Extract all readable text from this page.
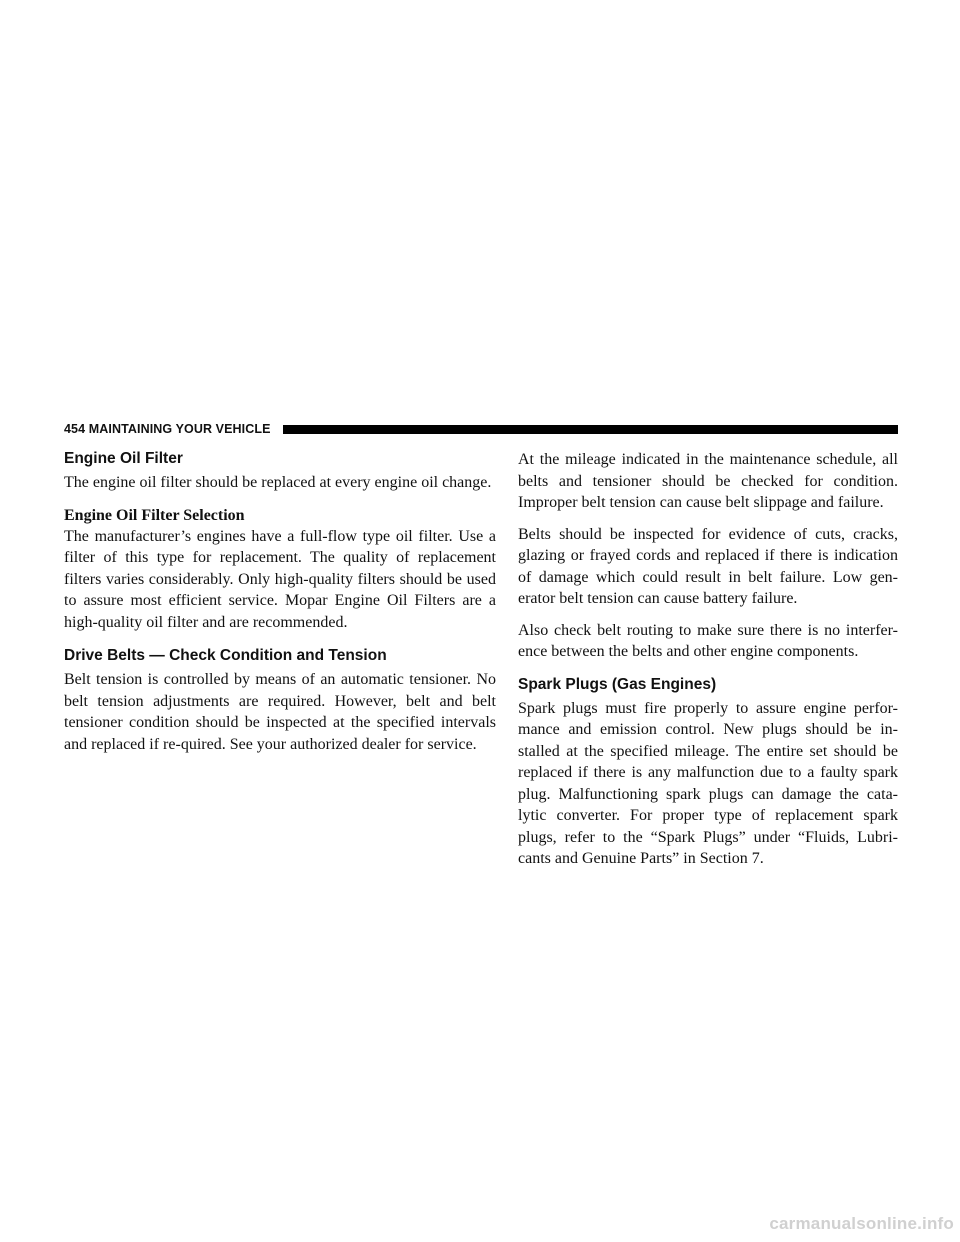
454 MAINTAINING YOUR VEHICLE
Engine Oil Filter

The engine oil filter should be replaced at every engine oil change.

Engine Oil Filter Selection

The manufacturer’s engines have a full-flow type oil filter. Use a filter of this type for replacement. The quality of replacement filters varies considerably. Only high-quality filters should be used to assure most efficient service. Mopar Engine Oil Filters are a high-quality oil filter and are recommended.

Drive Belts — Check Condition and Tension

Belt tension is controlled by means of an automatic tensioner. No belt tension adjustments are required. However, belt and belt tensioner condition should be inspected at the specified intervals and replaced if re-quired. See your authorized dealer for service.

At the mileage indicated in the maintenance schedule, all belts and tensioner should be checked for condition. Improper belt tension can cause belt slippage and failure.

Belts should be inspected for evidence of cuts, cracks, glazing or frayed cords and replaced if there is indication of damage which could result in belt failure. Low gen-erator belt tension can cause battery failure.

Also check belt routing to make sure there is no interfer-ence between the belts and other engine components.

Spark Plugs (Gas Engines)

Spark plugs must fire properly to assure engine perfor-mance and emission control. New plugs should be in-stalled at the specified mileage. The entire set should be replaced if there is any malfunction due to a faulty spark plug. Malfunctioning spark plugs can damage the cata-lytic converter. For proper type of replacement spark plugs, refer to the “Spark Plugs” under “Fluids, Lubri-cants and Genuine Parts” in Section 7.

carmanualsonline.info
